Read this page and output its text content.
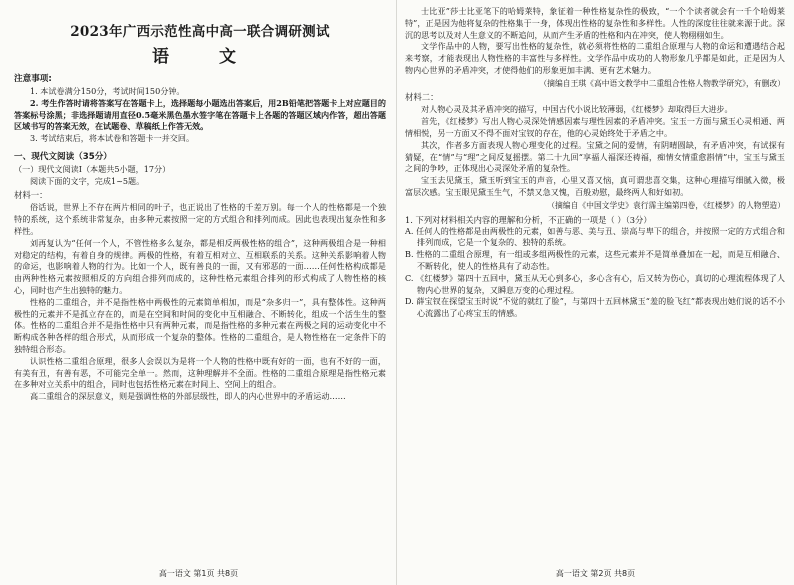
2023年广西示范性高中高一联合调研测试
语 文
注意事项:

1. 本试卷满分150分，考试时间150分钟。

2. 考生作答时请将答案写在答题卡上，选择题每小题选出答案后，用2B铅笔把答题卡上对应题目的答案标号涂黑；非选择题请用直径0.5毫米黑色墨水签字笔在答题卡上各题的答题区域内作答，超出答题区域书写的答案无效，在试题卷、草稿纸上作答无效。

3. 考试结束后，将本试卷和答题卡一并交回。

一、现代文阅读（35分）

（一）现代文阅读I（本题共5小题，17分）

阅读下面的文字，完成1~5题。

材料一：

俗话说，世界上不存在两片相同的叶子，也正说出了性格的千差万别。每一个人的性格都是一个独特的系统，这个系统非常复杂，由多种元素按照一定的方式组合和排列而成。因此也表现出复杂性和多样性。

刘再复认为“任何一个人，不管性格多么复杂，都是相反两极性格的组合”，这种两极组合是一种相对稳定的结构，有着自身的规律。两极的性格，有着互相对立、互相联系的关系。这种关系影响着人物的命运，也影响着人物的行为。比如一个人，既有善良的一面，又有邪恶的一面……任何性格构成都是由两种性格元素按照相反的方向组合排列而成的，这种性格元素组合排列的形式构成了人物性格的核心，同时也产生出独特的魅力。

性格的二重组合，并不是指性格中两极性的元素简单相加，而是“杂多归一”，具有整体性。这种两极性的元素并不是孤立存在的，而是在空间和时间的变化中互相融合、不断转化，组成一个活生生的整体。性格的二重组合并不是指性格中只有两种元素，而是指性格的多种元素在两极之间的运动变化中不断构成各种各样的组合形式，从而形成一个复杂的整体。性格的二重组合，是人物性格在一定条件下的独特组合形态。

认识性格二重组合原理，很多人会误以为是将一个人物的性格中既有好的一面，也有不好的一面，有美有丑，有善有恶，不可能完全单一。然而，这种理解并不全面。性格的二重组合原理是指性格元素在多种对立关系中的组合，同时也包括性格元素在时间上、空间上的组合。

高二重组合的深层意义，则是强调性格的外部层级性，即人的内心世界中的矛盾运动……

高一语文 第1页 共8页

士比亚”莎士比亚笔下的哈姆莱特，象征着一种性格复杂性的极致，“一个个读者就会有一千个哈姆莱特”，正是因为他将复杂的性格集于一身，体现出性格的复杂性和多样性。人性的深度往往就来源于此。深沉的思考以及对人生意义的不断追问，从而产生矛盾的性格和内在冲突，使人物栩栩如生。

文学作品中的人物，要写出性格的复杂性，就必须将性格的二重组合原理与人物的命运和遭遇结合起来考察，才能表现出人物性格的丰富性与多样性。文学作品中成功的人物形象几乎都是如此，正是因为人物内心世界的矛盾冲突，才使得他们的形象更加丰满、更有艺术魅力。

（摘编自王琪《高中语文教学中二重组合性格人物教学研究》，有删改）

材料二：

对人物心灵及其矛盾冲突的描写，中国古代小说比较薄弱，《红楼梦》却取得巨大进步。

首先，《红楼梦》写出人物心灵深处情感因素与理性因素的矛盾冲突。宝玉一方面与黛玉心灵相通、两情相悦，另一方面又不得不面对宝钗的存在，他的心灵始终处于矛盾之中。

其次，作者多方面表现人物心理变化的过程。宝黛之间的爱情，有阴晴圆缺，有矛盾冲突，有试探有猜疑，在“情”与“理”之间反复摇摆。第二十九回“享福人福深还祷福，痴情女情重愈斟情”中，宝玉与黛玉之间的争吵，正体现出心灵深处矛盾的复杂性。

宝玉去见黛玉，黛玉听到宝玉的声音，心里又喜又恼，真可谓悲喜交集，这种心理描写细腻入微，极富层次感。宝玉眼见黛玉生气，不禁又急又愧，百般劝慰，最终两人和好如初。

（摘编自《中国文学史》袁行霈主编第四卷，《红楼梦》的人物塑造）

1. 下列对材料相关内容的理解和分析，不正确的一项是（ ）（3分）

A. 任何人的性格都是由两极性的元素，如善与恶、美与丑、崇高与卑下的组合，并按照一定的方式组合和排列而成，它是一个复杂的、独特的系统。

B. 性格的二重组合原理，有一组或多组两极性的元素，这些元素并不是简单叠加在一起，而是互相融合、不断转化，使人的性格具有了动态性。

C. 《红楼梦》第四十五回中，黛玉从无心到多心，多心含有心，后又转为伤心，真切的心理流程体现了人物内心世界的复杂，又瞬息万变的心理过程。

D. 薛宝钗在探望宝玉时说“不觉的就红了脸”，与第四十五回林黛玉“羞的脸飞红”都表现出她们说的话不小心流露出了心疼宝玉的情感。

高一语文 第2页 共8页
